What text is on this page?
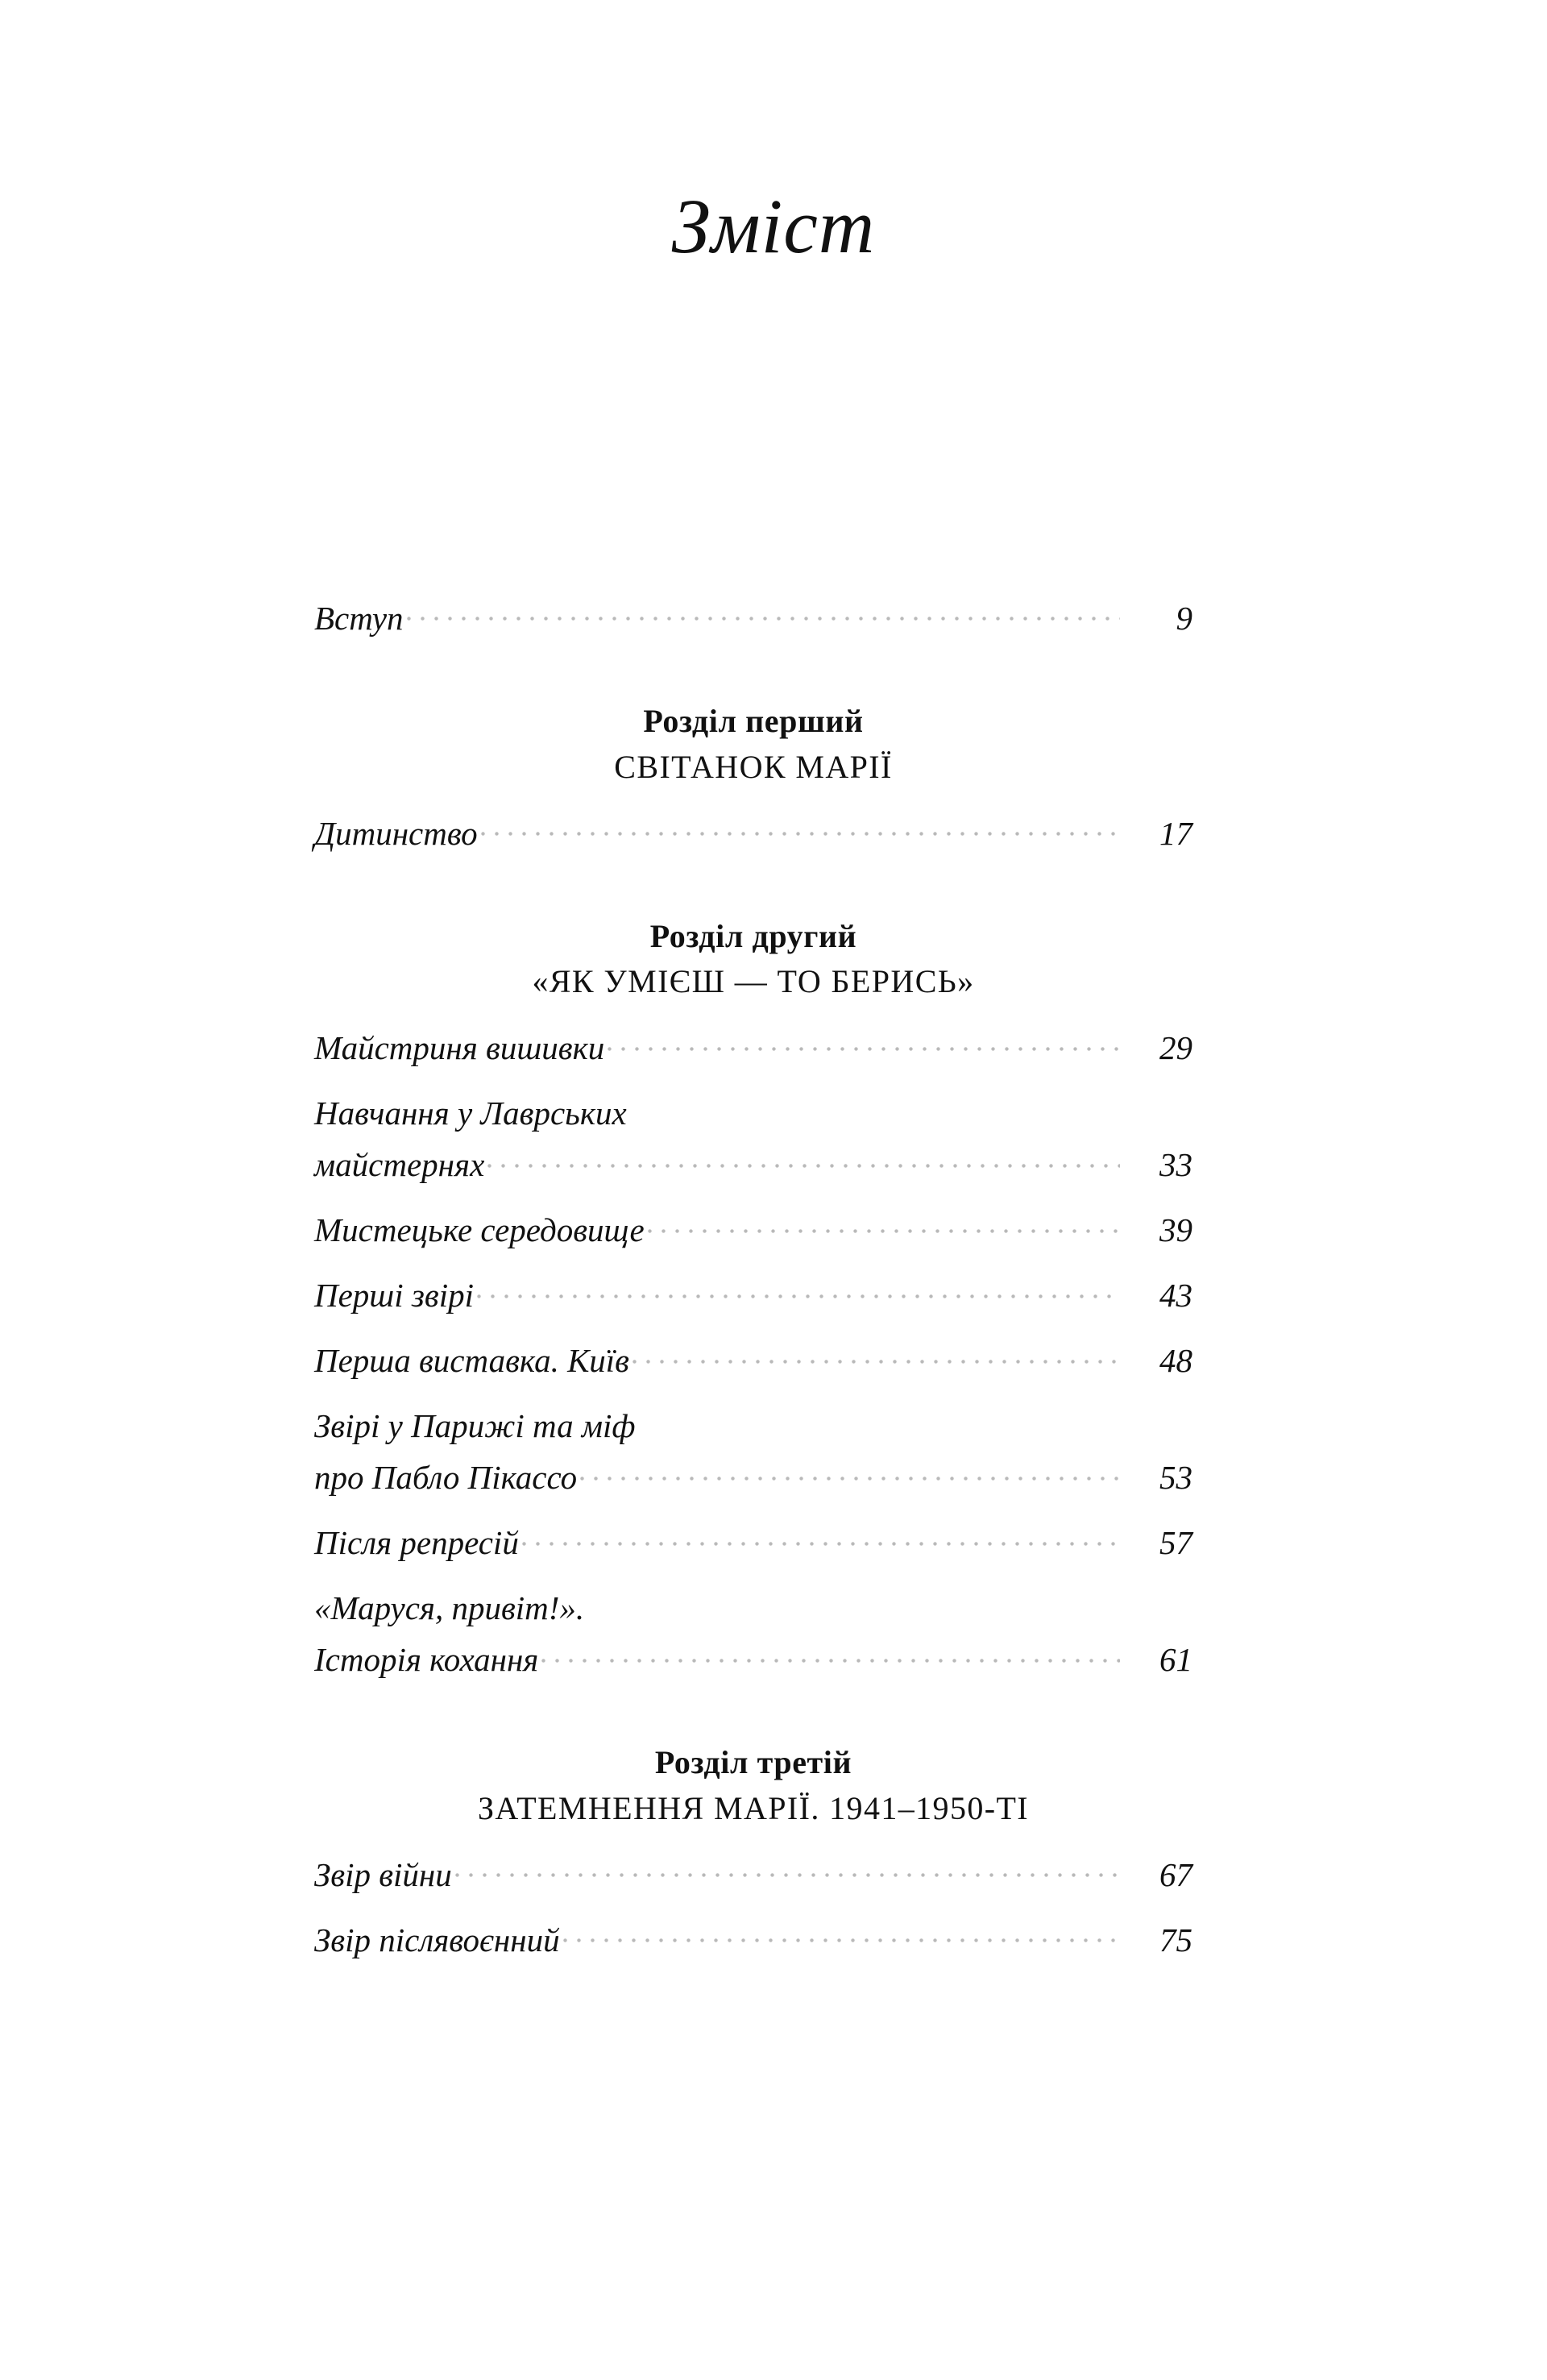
Зміст
Вступ	9
Розділ перший
СВІТАНОК МАРІЇ
Дитинство	17
Розділ другий
«ЯК УМІЄШ — ТО БЕРИСЬ»
Майстриня вишивки	29
Навчання у Лаврських
майстернях	33
Мистецьке середовище	39
Перші звірі	43
Перша виставка. Київ	48
Звірі у Парижі та міф
про Пабло Пікассо	53
Після репресій	57
«Маруся, привіт!».
Історія кохання	61
Розділ третій
ЗАТЕМНЕННЯ МАРІЇ. 1941–1950-ТІ
Звір війни	67
Звір післявоєнний	75
